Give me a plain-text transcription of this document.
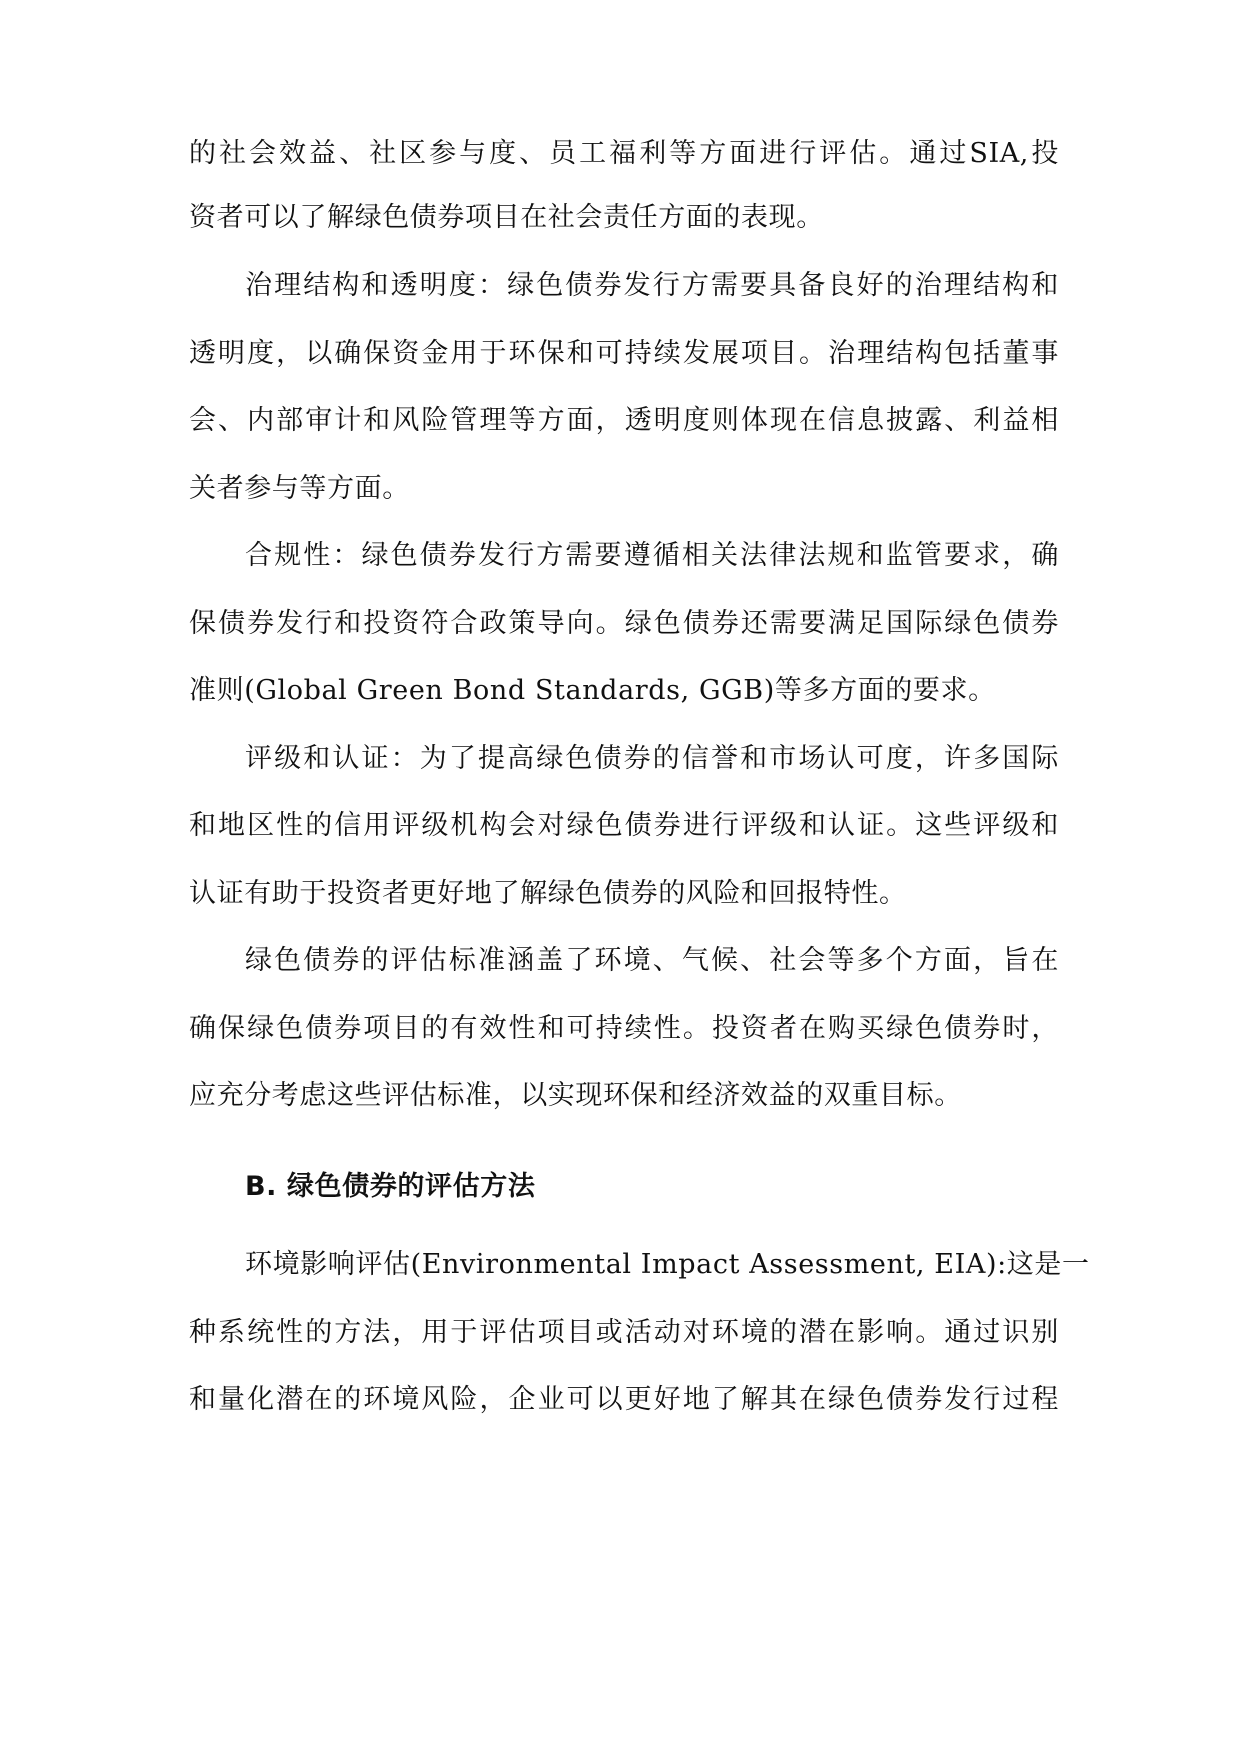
的社会效益、社区参与度、员工福利等方面进行评估。通过SIA,投
资者可以了解绿色债券项目在社会责任方面的表现。
治理结构和透明度：绿色债券发行方需要具备良好的治理结构和
透明度，以确保资金用于环保和可持续发展项目。治理结构包括董事
会、内部审计和风险管理等方面，透明度则体现在信息披露、利益相
关者参与等方面。
合规性：绿色债券发行方需要遵循相关法律法规和监管要求，确
保债券发行和投资符合政策导向。绿色债券还需要满足国际绿色债券
准则(Global Green Bond Standards, GGB)等多方面的要求。
评级和认证：为了提高绿色债券的信誉和市场认可度，许多国际
和地区性的信用评级机构会对绿色债券进行评级和认证。这些评级和
认证有助于投资者更好地了解绿色债券的风险和回报特性。
绿色债券的评估标准涵盖了环境、气候、社会等多个方面，旨在
确保绿色债券项目的有效性和可持续性。投资者在购买绿色债券时，
应充分考虑这些评估标准，以实现环保和经济效益的双重目标。
B. 绿色债券的评估方法
环境影响评估(Environmental Impact Assessment, EIA):这是一
种系统性的方法，用于评估项目或活动对环境的潜在影响。通过识别
和量化潜在的环境风险，企业可以更好地了解其在绿色债券发行过程
